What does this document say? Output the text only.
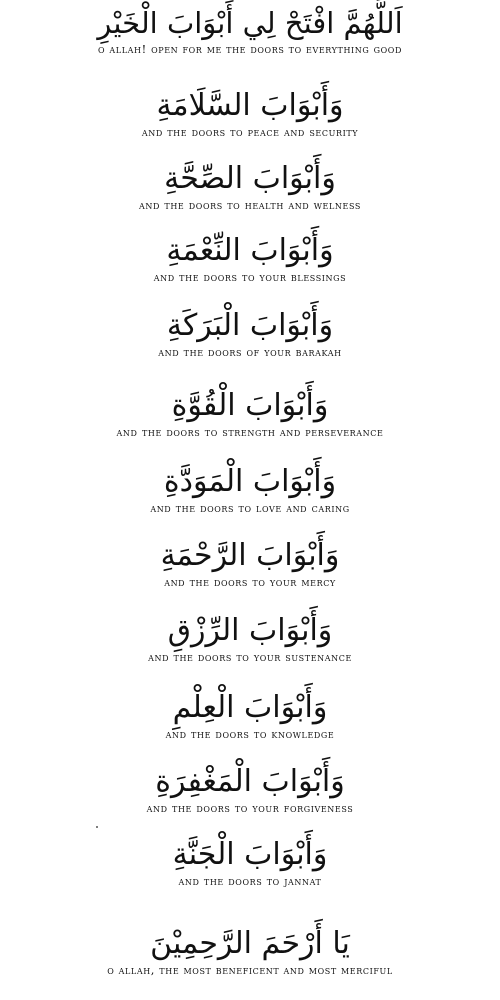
اَللَّهُمَّ افْتَحْ لِي أَبْوَابَ الْخَيْرِ
o allah! open for me the doors to everything good
وَأَبْوَابَ السَّلَامَةِ
and the doors to peace and security
وَأَبْوَابَ الصِّحَّةِ
and the doors to health and welness
وَأَبْوَابَ النِّعْمَةِ
and the doors to your blessings
وَأَبْوَابَ الْبَرَكَةِ
and the doors of your barakah
وَأَبْوَابَ الْقُوَّةِ
and the doors to strength and perseverance
وَأَبْوَابَ الْمَوَدَّةِ
and the doors to love and caring
وَأَبْوَابَ الرَّحْمَةِ
and the doors to your mercy
وَأَبْوَابَ الرِّزْقِ
and the doors to your sustenance
وَأَبْوَابَ الْعِلْمِ
and the doors to knowledge
وَأَبْوَابَ الْمَغْفِرَةِ
and the doors to your forgiveness
وَأَبْوَابَ الْجَنَّةِ
and the doors to jannat
يَا أَرْحَمَ الرَّحِمِيْنَ
o allah, the most beneficent and most merciful
